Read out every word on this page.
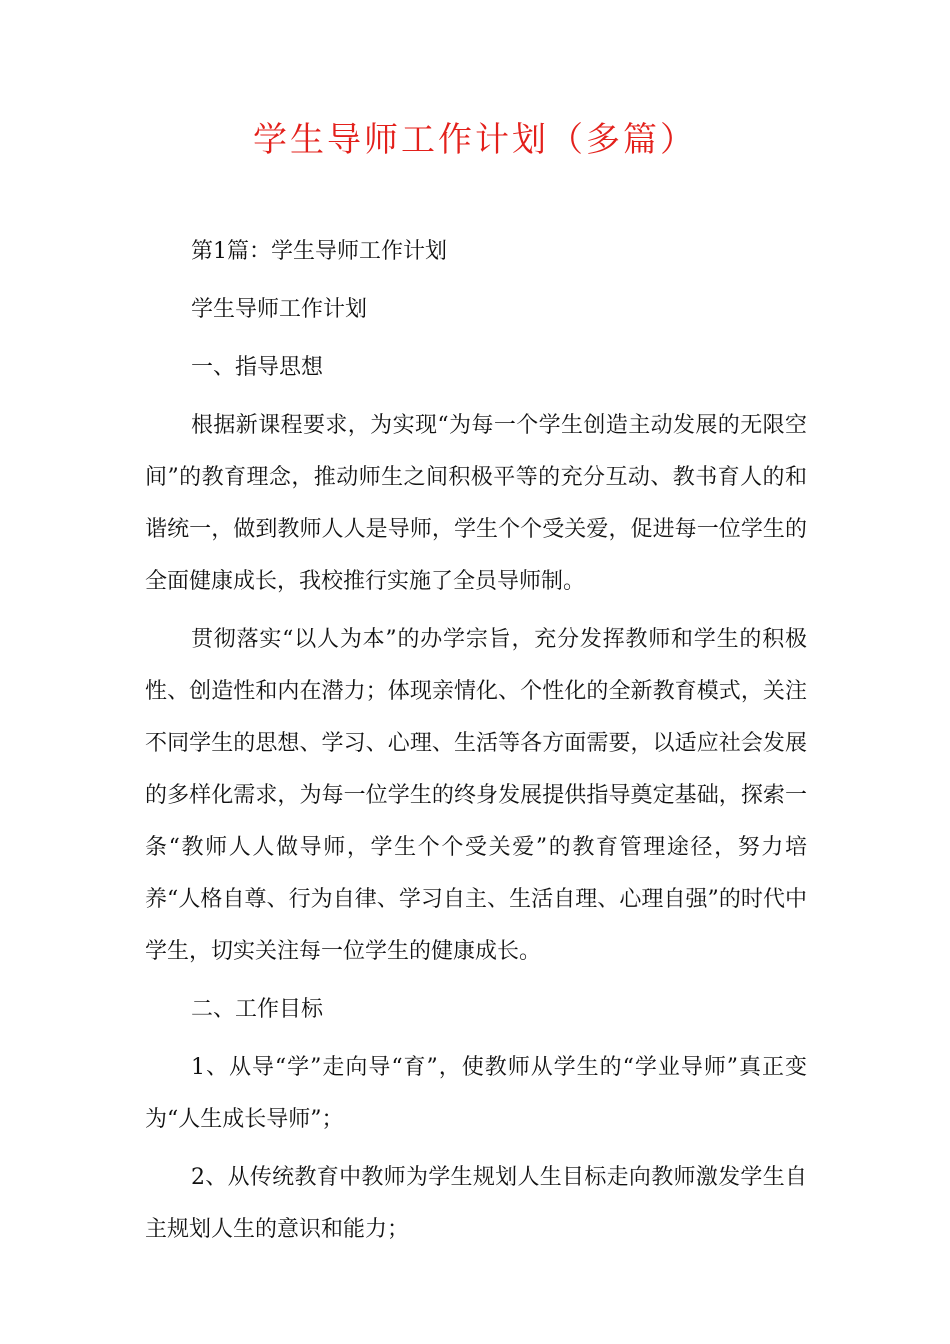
学生导师工作计划（多篇）

第1篇：学生导师工作计划

学生导师工作计划

一、指导思想

根据新课程要求，为实现“为每一个学生创造主动发展的无限空间”的教育理念，推动师生之间积极平等的充分互动、教书育人的和谐统一，做到教师人人是导师，学生个个受关爱，促进每一位学生的全面健康成长，我校推行实施了全员导师制。

贯彻落实“以人为本”的办学宗旨，充分发挥教师和学生的积极性、创造性和内在潜力；体现亲情化、个性化的全新教育模式，关注不同学生的思想、学习、心理、生活等各方面需要，以适应社会发展的多样化需求，为每一位学生的终身发展提供指导奠定基础，探索一条“教师人人做导师，学生个个受关爱”的教育管理途径，努力培养“人格自尊、行为自律、学习自主、生活自理、心理自强”的时代中学生，切实关注每一位学生的健康成长。

二、工作目标

1、从导“学”走向导“育”，使教师从学生的“学业导师”真正变为“人生成长导师”；

2、从传统教育中教师为学生规划人生目标走向教师激发学生自主规划人生的意识和能力；
